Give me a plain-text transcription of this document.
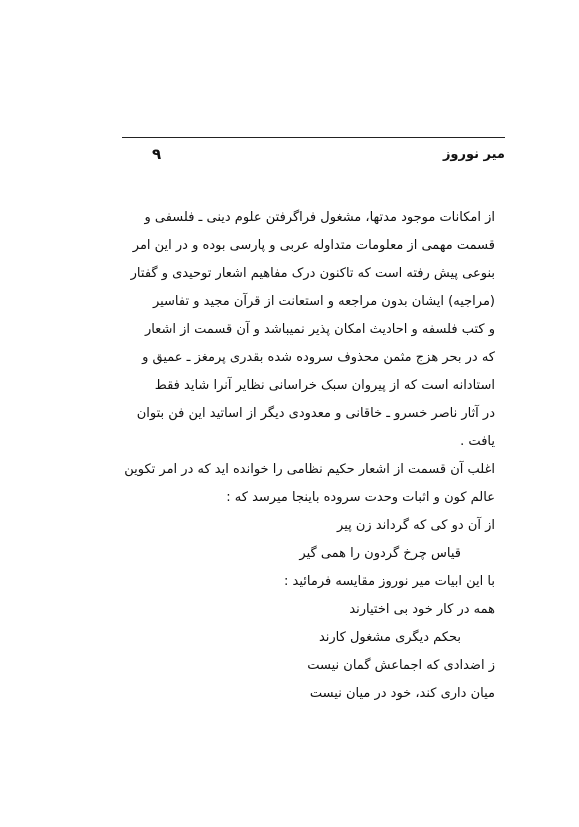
میر نوروز
۹
از امکانات موجود مدتها، مشغول فراگرفتن علوم دینی ـ فلسفی و
قسمت مهمی از معلومات متداوله عربی و پارسی بوده و در این امر
بنوعی پیش رفته است که تاکنون درک مفاهیم اشعار توحیدی و گفتار
(مراجیه) ایشان بدون مراجعه و استعانت از قرآن مجید و تفاسیر
و کتب فلسفه و احادیث امکان پذیر نمیباشد و آن قسمت از اشعار
که در بحر هزج مثمن محذوف سروده شده بقدری پرمغز ـ عمیق و
استادانه است که از پیروان سبک خراسانی نظایر آنرا شاید فقط
در آثار ناصر خسرو ـ خاقانی و معدودی دیگر از اساتید این فن بتوان
یافت .
اغلب آن قسمت از اشعار حکیم نظامی را خوانده اید که در امر تکوین
عالم کون و اثبات وحدت سروده باینجا میرسد که :
از آن دو کی که گرداند زن پیر
قیاس چرخ گردون را همی گیر
با این ابیات میر نوروز مقایسه فرمائید :
همه در کار خود بی اختیارند
بحکم دیگری مشغول کارند
ز اضدادی که اجماعش گمان نیست
میان داری کند، خود در میان نیست
